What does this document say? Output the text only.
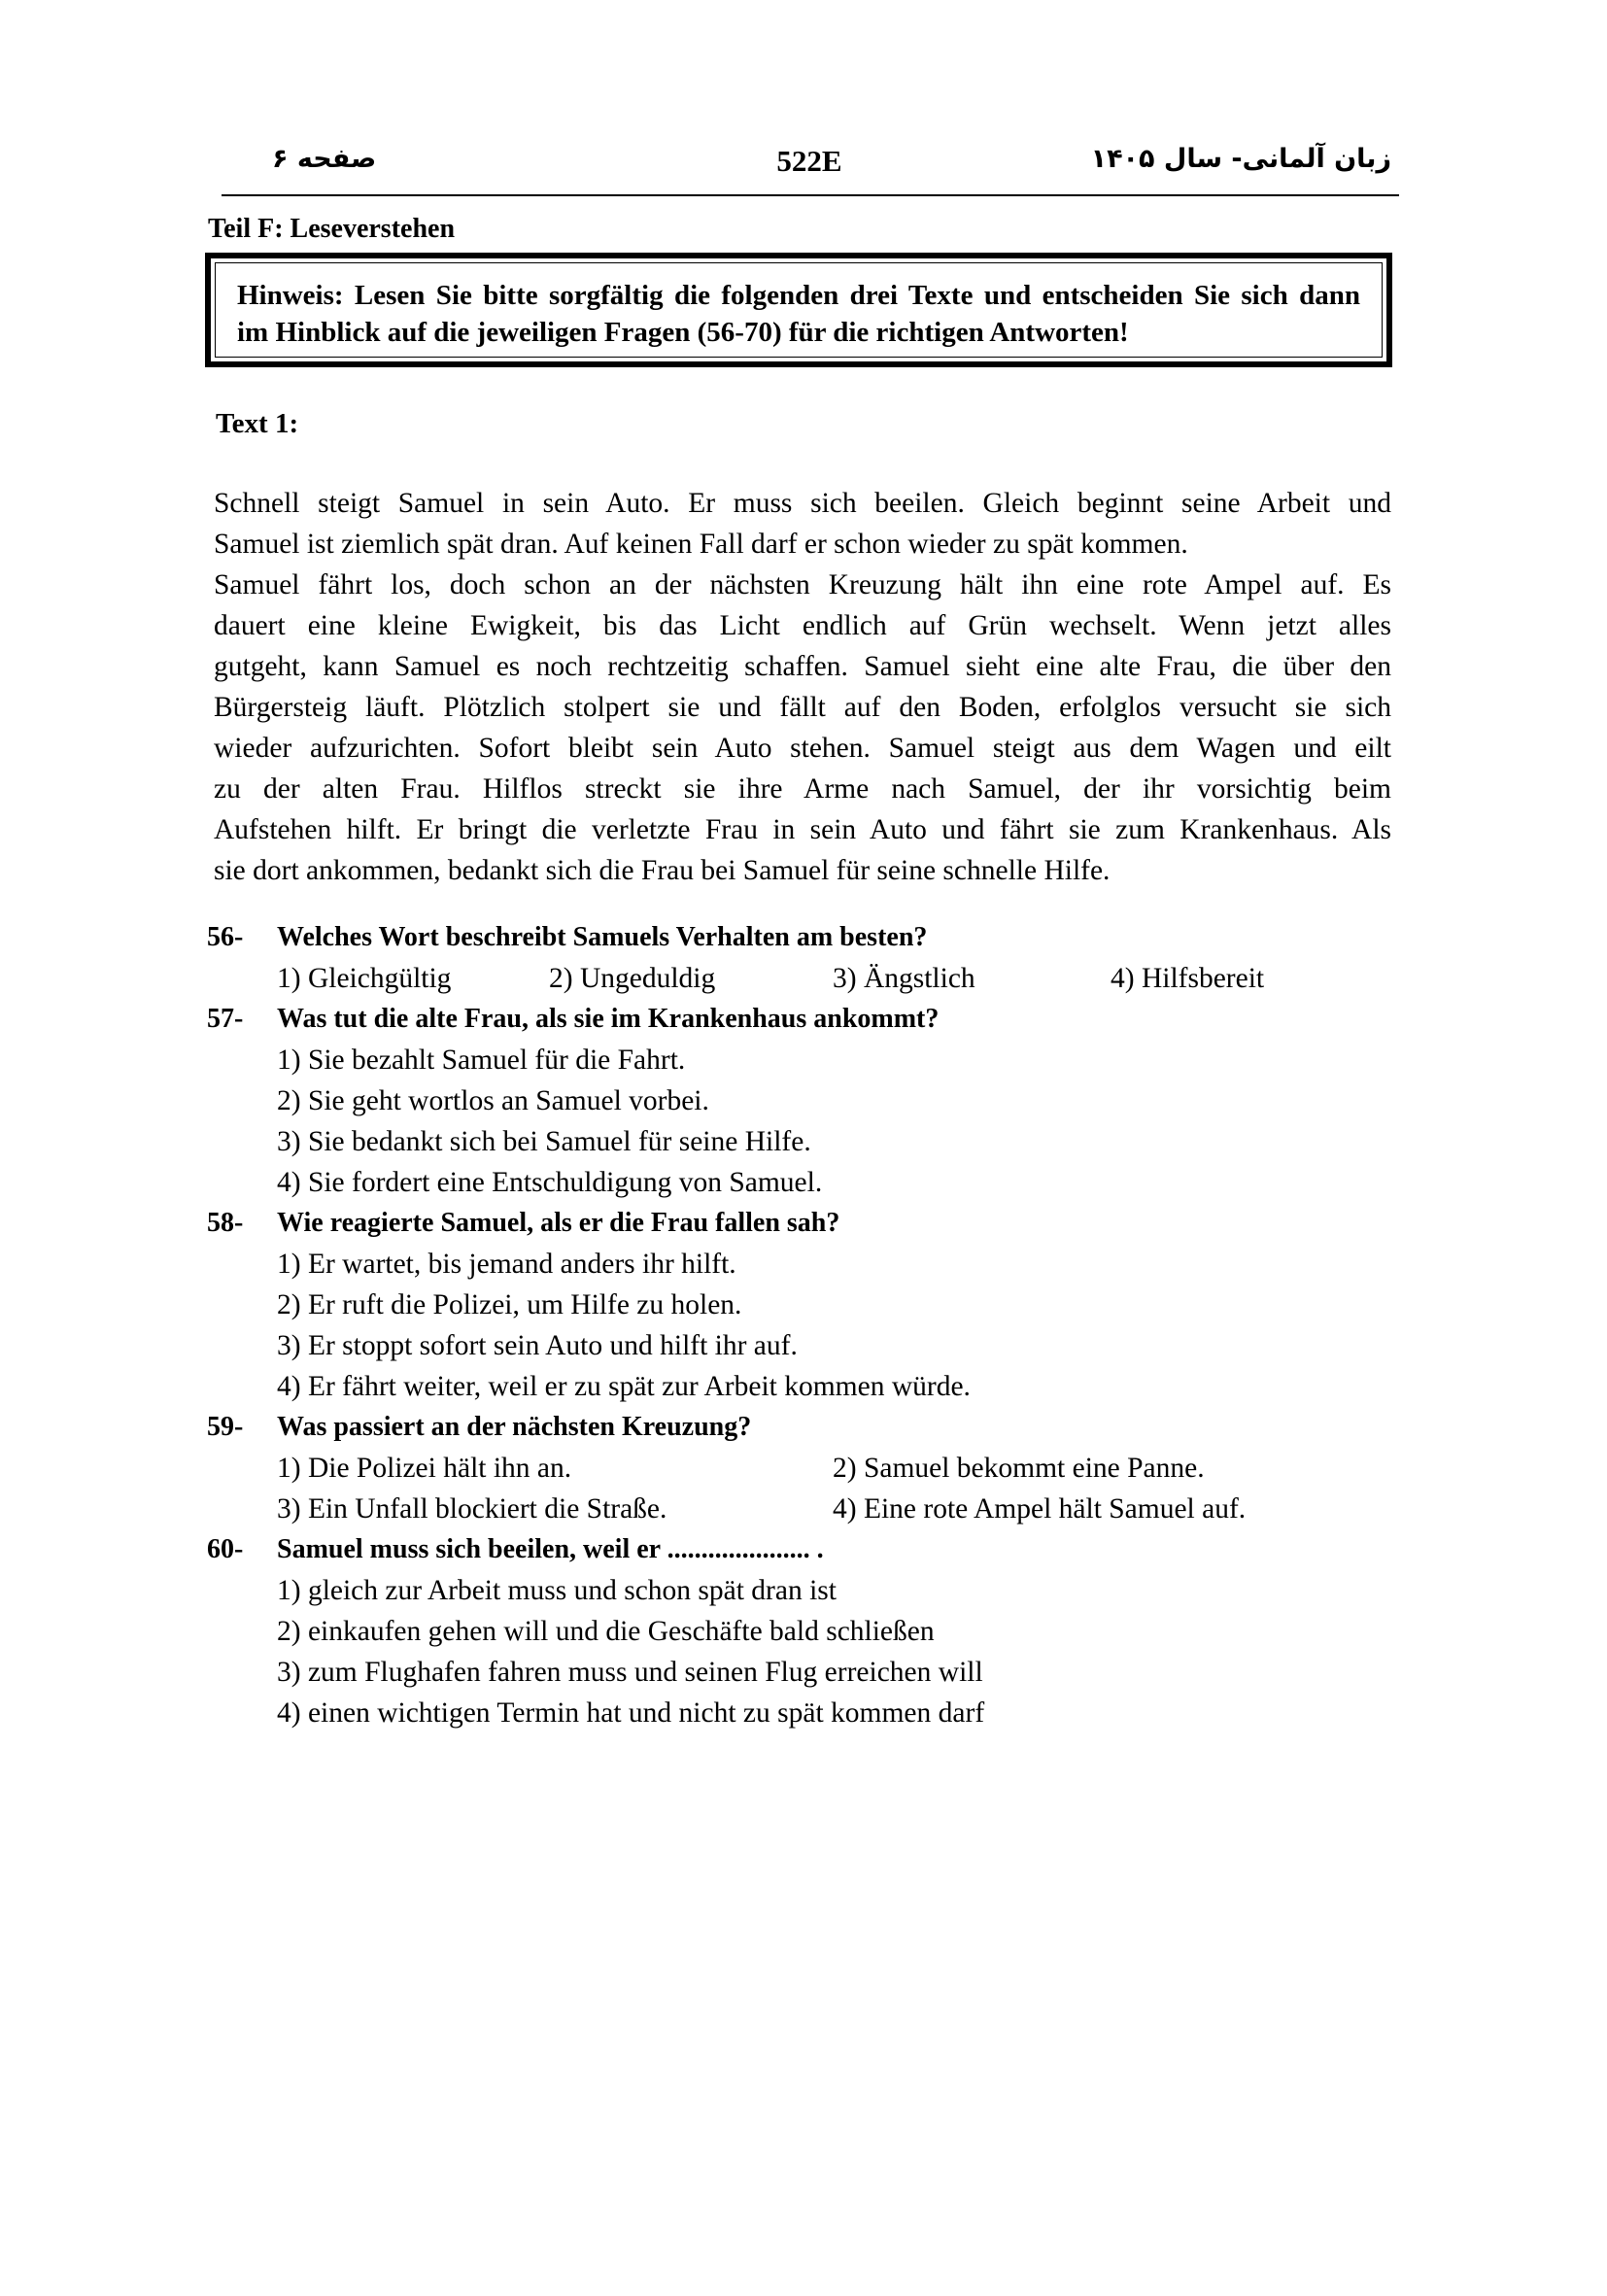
صفحه ۶	522E	زبان آلمانی- سال ۱۴۰۵
Teil F: Leseverstehen
Hinweis: Lesen Sie bitte sorgfältig die folgenden drei Texte und entscheiden Sie sich dann
im Hinblick auf die jeweiligen Fragen (56-70) für die richtigen Antworten!
Text 1:
Schnell steigt Samuel in sein Auto. Er muss sich beeilen. Gleich beginnt seine Arbeit und
Samuel ist ziemlich spät dran. Auf keinen Fall darf er schon wieder zu spät kommen.
Samuel fährt los, doch schon an der nächsten Kreuzung hält ihn eine rote Ampel auf. Es
dauert eine kleine Ewigkeit, bis das Licht endlich auf Grün wechselt. Wenn jetzt alles
gutgeht, kann Samuel es noch rechtzeitig schaffen. Samuel sieht eine alte Frau, die über den
Bürgersteig läuft. Plötzlich stolpert sie und fällt auf den Boden, erfolglos versucht sie sich
wieder aufzurichten. Sofort bleibt sein Auto stehen. Samuel steigt aus dem Wagen und eilt
zu der alten Frau. Hilflos streckt sie ihre Arme nach Samuel, der ihr vorsichtig beim
Aufstehen hilft. Er bringt die verletzte Frau in sein Auto und fährt sie zum Krankenhaus. Als
sie dort ankommen, bedankt sich die Frau bei Samuel für seine schnelle Hilfe.
56- Welches Wort beschreibt Samuels Verhalten am besten?
1) Gleichgültig	2) Ungeduldig	3) Ängstlich	4) Hilfsbereit
57- Was tut die alte Frau, als sie im Krankenhaus ankommt?
1) Sie bezahlt Samuel für die Fahrt.
2) Sie geht wortlos an Samuel vorbei.
3) Sie bedankt sich bei Samuel für seine Hilfe.
4) Sie fordert eine Entschuldigung von Samuel.
58- Wie reagierte Samuel, als er die Frau fallen sah?
1) Er wartet, bis jemand anders ihr hilft.
2) Er ruft die Polizei, um Hilfe zu holen.
3) Er stoppt sofort sein Auto und hilft ihr auf.
4) Er fährt weiter, weil er zu spät zur Arbeit kommen würde.
59- Was passiert an der nächsten Kreuzung?
1) Die Polizei hält ihn an.	2) Samuel bekommt eine Panne.
3) Ein Unfall blockiert die Straße.	4) Eine rote Ampel hält Samuel auf.
60- Samuel muss sich beeilen, weil er ..................... .
1) gleich zur Arbeit muss und schon spät dran ist
2) einkaufen gehen will und die Geschäfte bald schließen
3) zum Flughafen fahren muss und seinen Flug erreichen will
4) einen wichtigen Termin hat und nicht zu spät kommen darf
